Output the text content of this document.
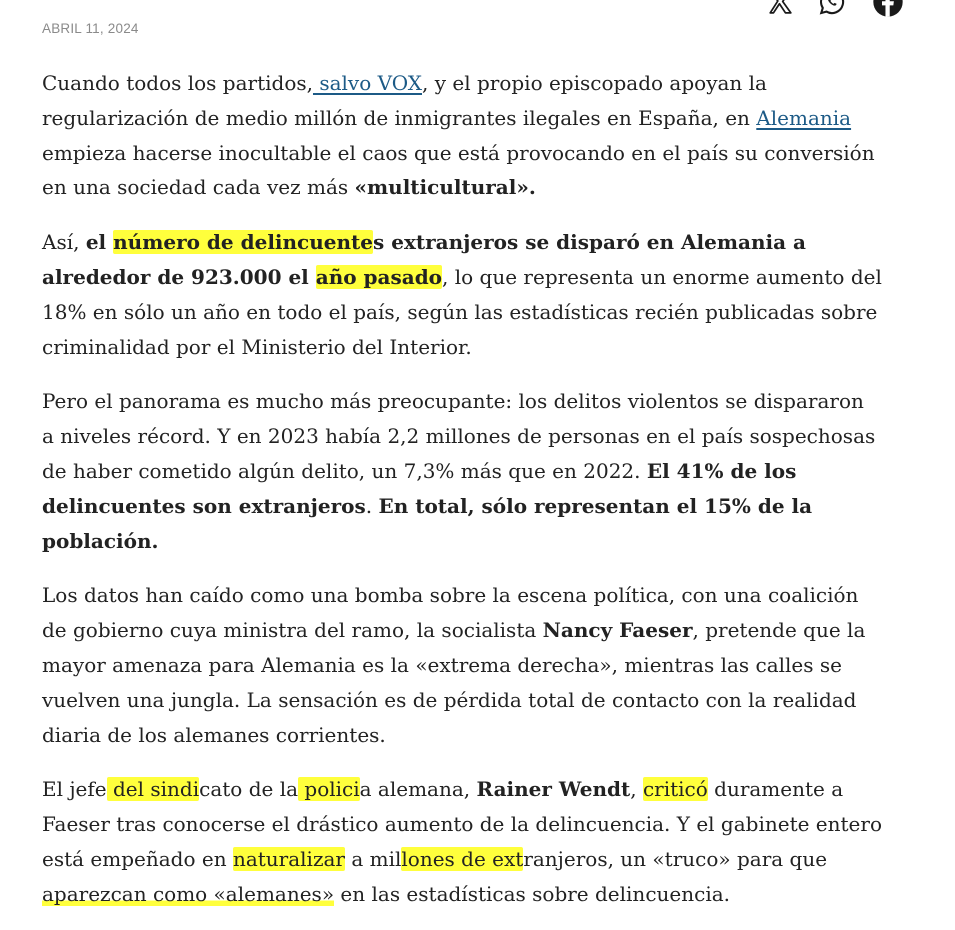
ABRIL 11, 2024

Cuando todos los partidos, salvo VOX, y el propio episcopado apoyan la
regularización de medio millón de inmigrantes ilegales en España, en Alemania
empieza hacerse inocultable el caos que está provocando en el país su conversión
en una sociedad cada vez más «multicultural».

Así, el número de delincuentes extranjeros se disparó en Alemania a
alrededor de 923.000 el año pasado, lo que representa un enorme aumento del
18% en sólo un año en todo el país, según las estadísticas recién publicadas sobre
criminalidad por el Ministerio del Interior.

Pero el panorama es mucho más preocupante: los delitos violentos se dispararon
a niveles récord. Y en 2023 había 2,2 millones de personas en el país sospechosas
de haber cometido algún delito, un 7,3% más que en 2022. El 41% de los
delincuentes son extranjeros. En total, sólo representan el 15% de la
población.

Los datos han caído como una bomba sobre la escena política, con una coalición
de gobierno cuya ministra del ramo, la socialista Nancy Faeser, pretende que la
mayor amenaza para Alemania es la «extrema derecha», mientras las calles se
vuelven una jungla. La sensación es de pérdida total de contacto con la realidad
diaria de los alemanes corrientes.

El jefe del sindicato de la policia alemana, Rainer Wendt, criticó duramente a
Faeser tras conocerse el drástico aumento de la delincuencia. Y el gabinete entero
está empeñado en naturalizar a millones de extranjeros, un «truco» para que
aparezcan como «alemanes» en las estadísticas sobre delincuencia.
